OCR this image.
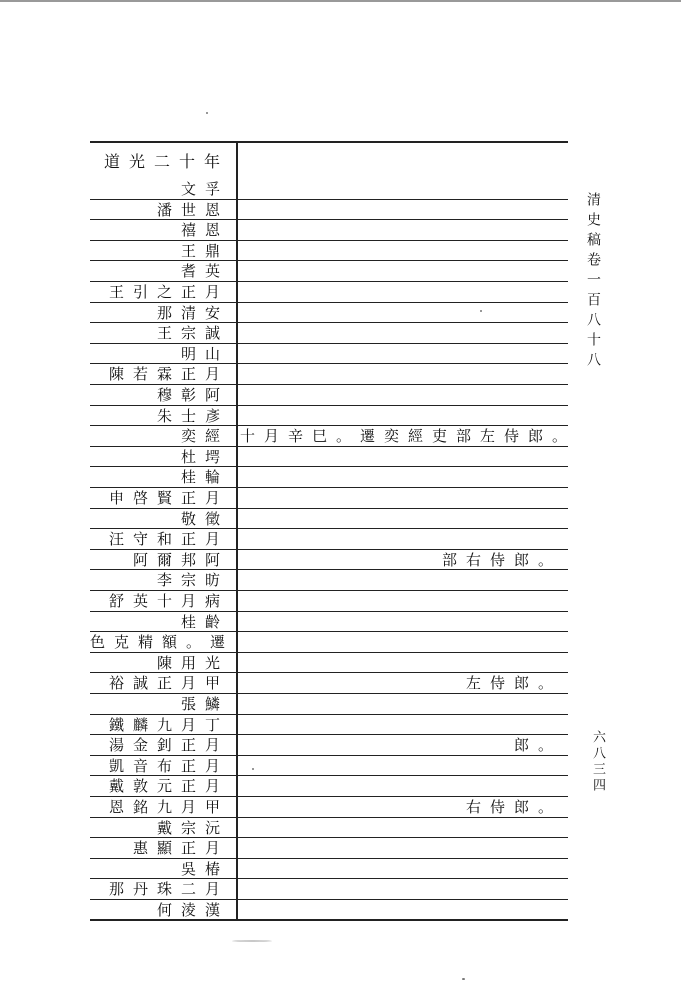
道光二十年
文孚
潘世恩
禧恩
王鼎
耆英
王引之正月
那清安
王宗誠
明山
陳若霖正月
穆彰阿
朱士彥
奕經 十月辛巳。遷奕經吏部左侍郎。
杜堮
桂輪
申啓賢正月
敬徵
汪守和正月
阿爾邦阿	部右侍郎。
李宗昉
舒英十月病
桂齡
色克精額。遷
陳用光
裕誠正月甲	左侍郎。
張鱗
鐵麟九月丁
湯金釗正月	郎。
凱音布正月
戴敦元正月
恩銘九月甲	右侍郎。
戴宗沅
惠顯正月
吳椿
那丹珠二月
何淩漢
清史稿卷一百八十八
六八三四
